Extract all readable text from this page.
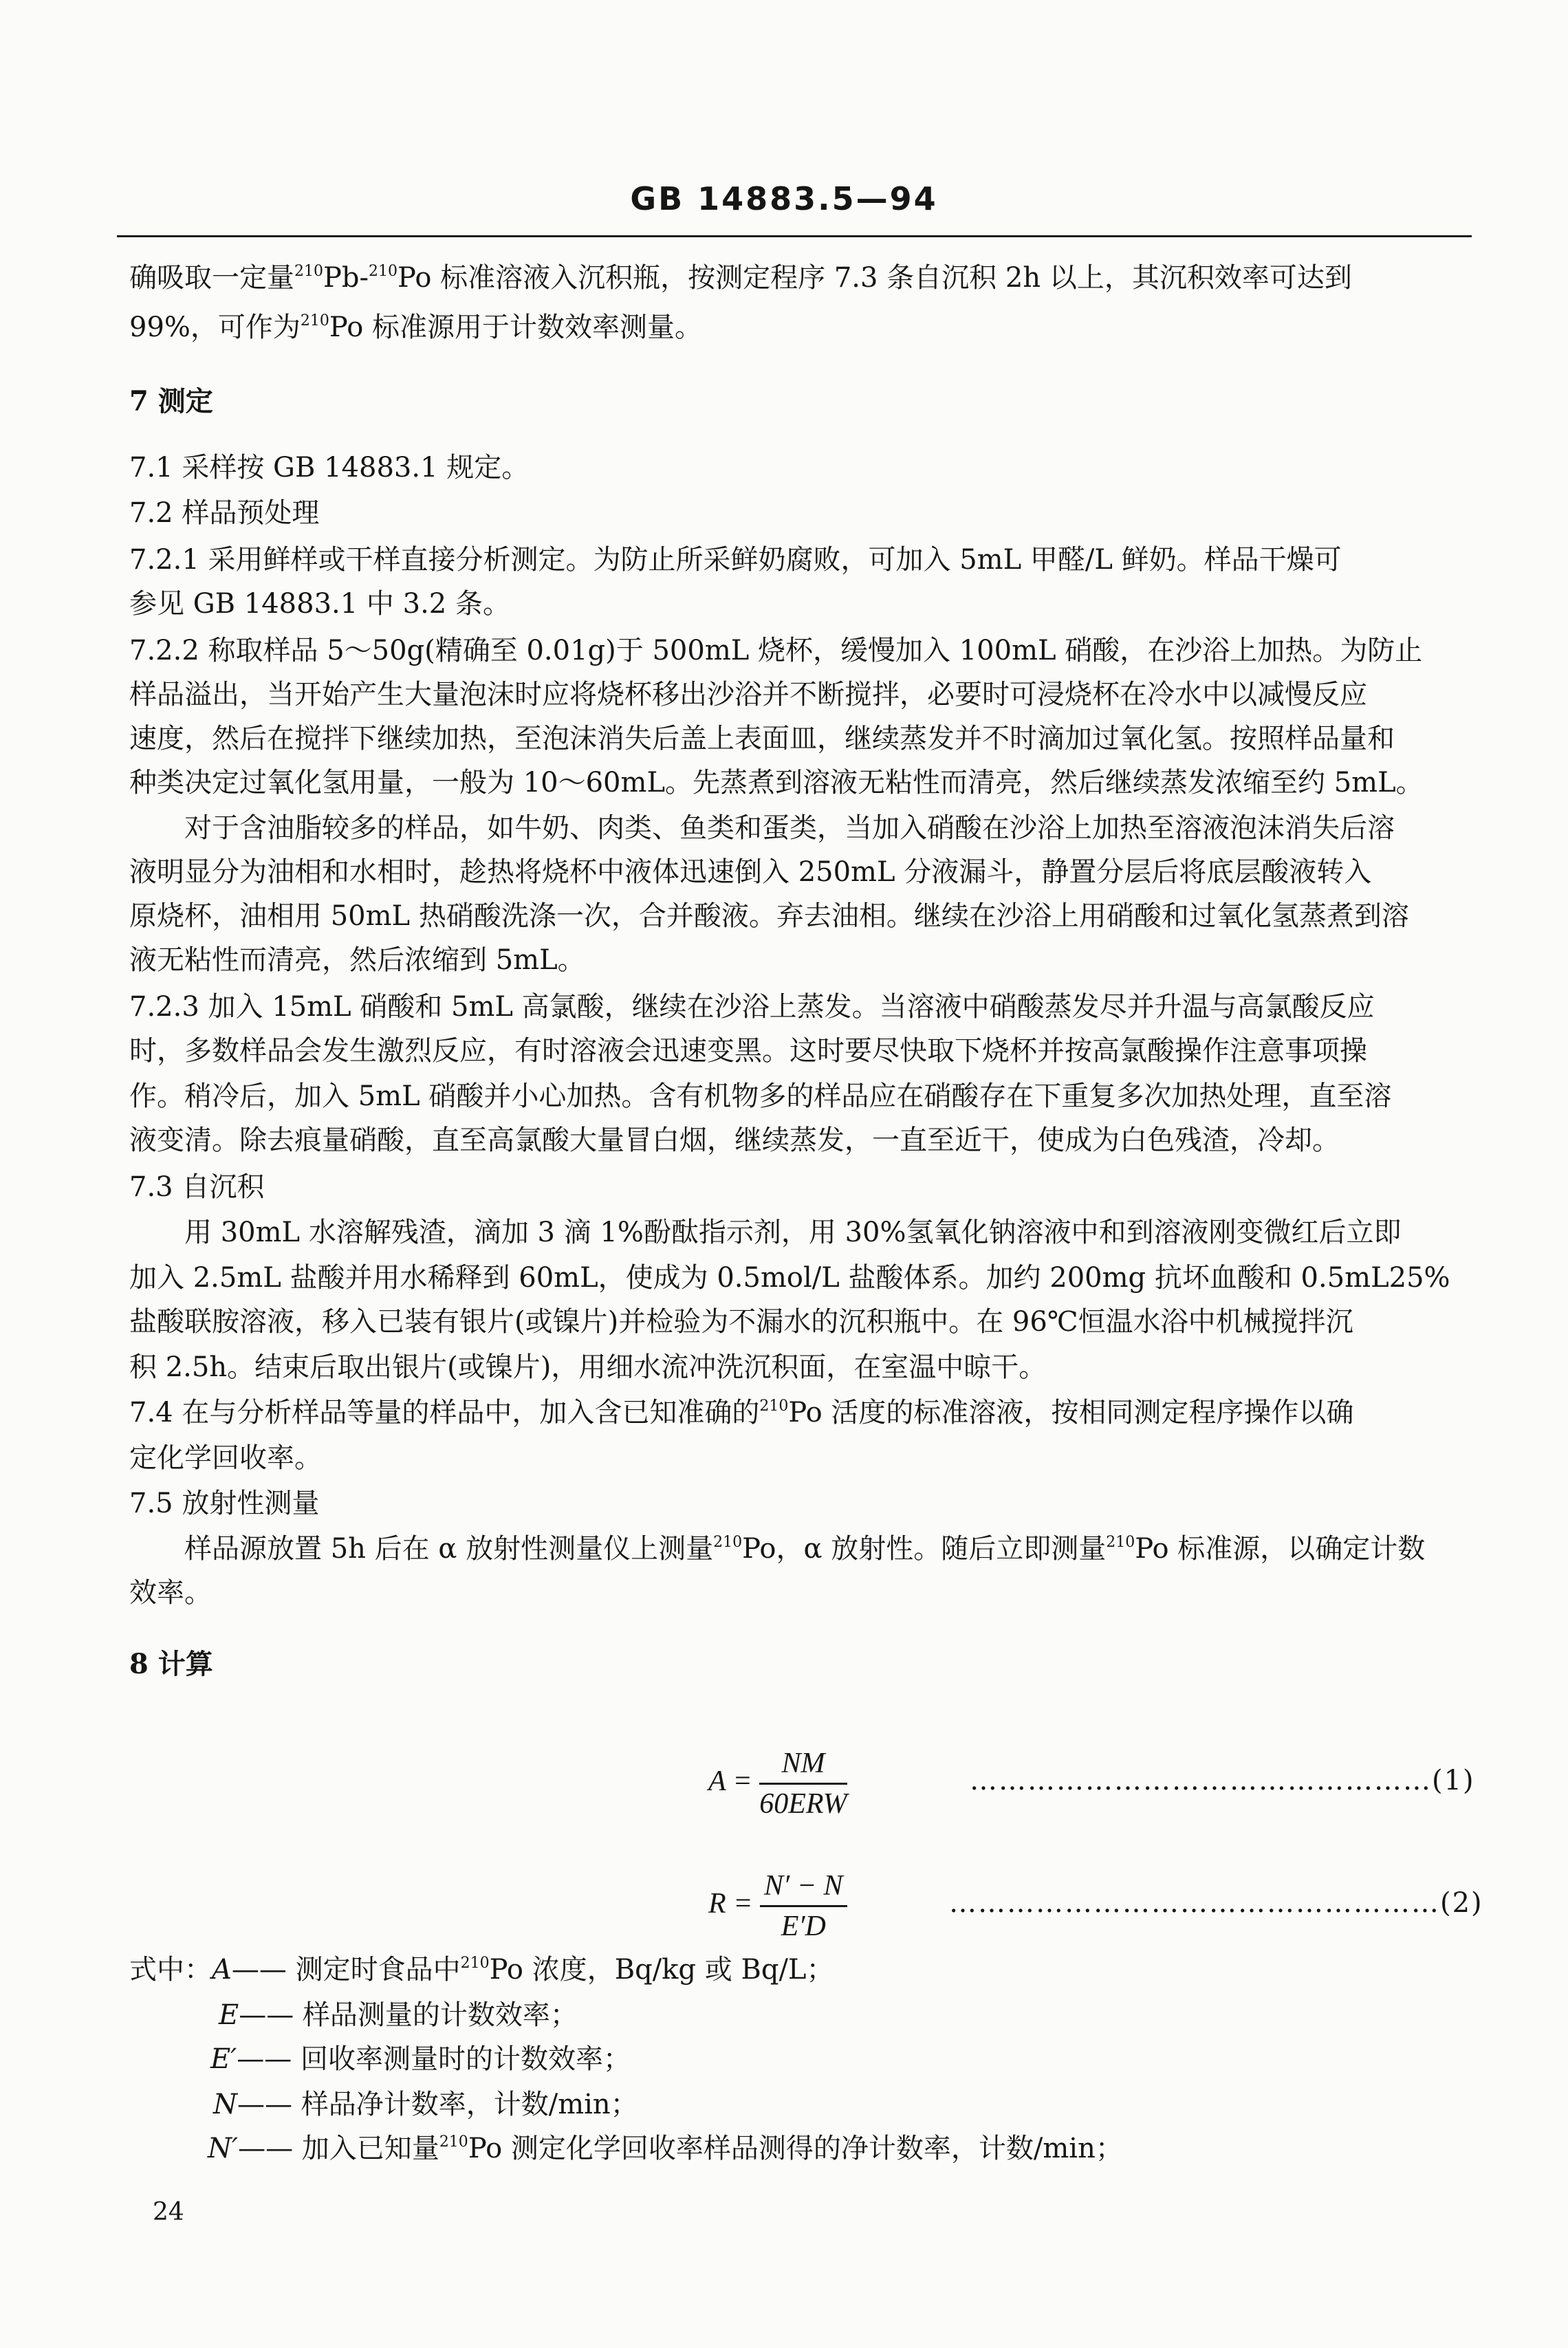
GB 14883.5—94
确吸取一定量$^{210}$Pb-$^{210}$Po 标准溶液入沉积瓶，按测定程序 7.3 条自沉积 2h 以上，其沉积效率可达到
99%，可作为$^{210}$Po 标准源用于计数效率测量。
7 测定
7.1 采样按 GB 14883.1 规定。
7.2 样品预处理
7.2.1 采用鲜样或干样直接分析测定。为防止所采鲜奶腐败，可加入 5mL 甲醛/L 鲜奶。样品干燥可
参见 GB 14883.1 中 3.2 条。
7.2.2 称取样品 5～50g(精确至 0.01g)于 500mL 烧杯，缓慢加入 100mL 硝酸，在沙浴上加热。为防止
样品溢出，当开始产生大量泡沫时应将烧杯移出沙浴并不断搅拌，必要时可浸烧杯在冷水中以减慢反应
速度，然后在搅拌下继续加热，至泡沫消失后盖上表面皿，继续蒸发并不时滴加过氧化氢。按照样品量和
种类决定过氧化氢用量，一般为 10～60mL。先蒸煮到溶液无粘性而清亮，然后继续蒸发浓缩至约 5mL。
对于含油脂较多的样品，如牛奶、肉类、鱼类和蛋类，当加入硝酸在沙浴上加热至溶液泡沫消失后溶
液明显分为油相和水相时，趁热将烧杯中液体迅速倒入 250mL 分液漏斗，静置分层后将底层酸液转入
原烧杯，油相用 50mL 热硝酸洗涤一次，合并酸液。弃去油相。继续在沙浴上用硝酸和过氧化氢蒸煮到溶
液无粘性而清亮，然后浓缩到 5mL。
7.2.3 加入 15mL 硝酸和 5mL 高氯酸，继续在沙浴上蒸发。当溶液中硝酸蒸发尽并升温与高氯酸反应
时，多数样品会发生激烈反应，有时溶液会迅速变黑。这时要尽快取下烧杯并按高氯酸操作注意事项操
作。稍冷后，加入 5mL 硝酸并小心加热。含有机物多的样品应在硝酸存在下重复多次加热处理，直至溶
液变清。除去痕量硝酸，直至高氯酸大量冒白烟，继续蒸发，一直至近干，使成为白色残渣，冷却。
7.3 自沉积
用 30mL 水溶解残渣，滴加 3 滴 1%酚酞指示剂，用 30%氢氧化钠溶液中和到溶液刚变微红后立即
加入 2.5mL 盐酸并用水稀释到 60mL，使成为 0.5mol/L 盐酸体系。加约 200mg 抗坏血酸和 0.5mL25%
盐酸联胺溶液，移入已装有银片(或镍片)并检验为不漏水的沉积瓶中。在 96℃恒温水浴中机械搅拌沉
积 2.5h。结束后取出银片(或镍片)，用细水流冲洗沉积面，在室温中晾干。
7.4 在与分析样品等量的样品中，加入含已知准确的$^{210}$Po 活度的标准溶液，按相同测定程序操作以确
定化学回收率。
7.5 放射性测量
样品源放置 5h 后在 α 放射性测量仪上测量$^{210}$Po，α 放射性。随后立即测量$^{210}$Po 标准源，以确定计数
效率。
8 计算
$A = \frac{NM}{\text{60ERW}}$	…………………………………………(1)
$R = \frac{N' - N}{E'D}$	……………………………………………(2)
式中：A—— 测定时食品中$^{210}$Po 浓度，Bq/kg 或 Bq/L；
E—— 样品测量的计数效率；
E′—— 回收率测量时的计数效率；
N—— 样品净计数率，计数/min；
N′—— 加入已知量$^{210}$Po 测定化学回收率样品测得的净计数率，计数/min；
24
